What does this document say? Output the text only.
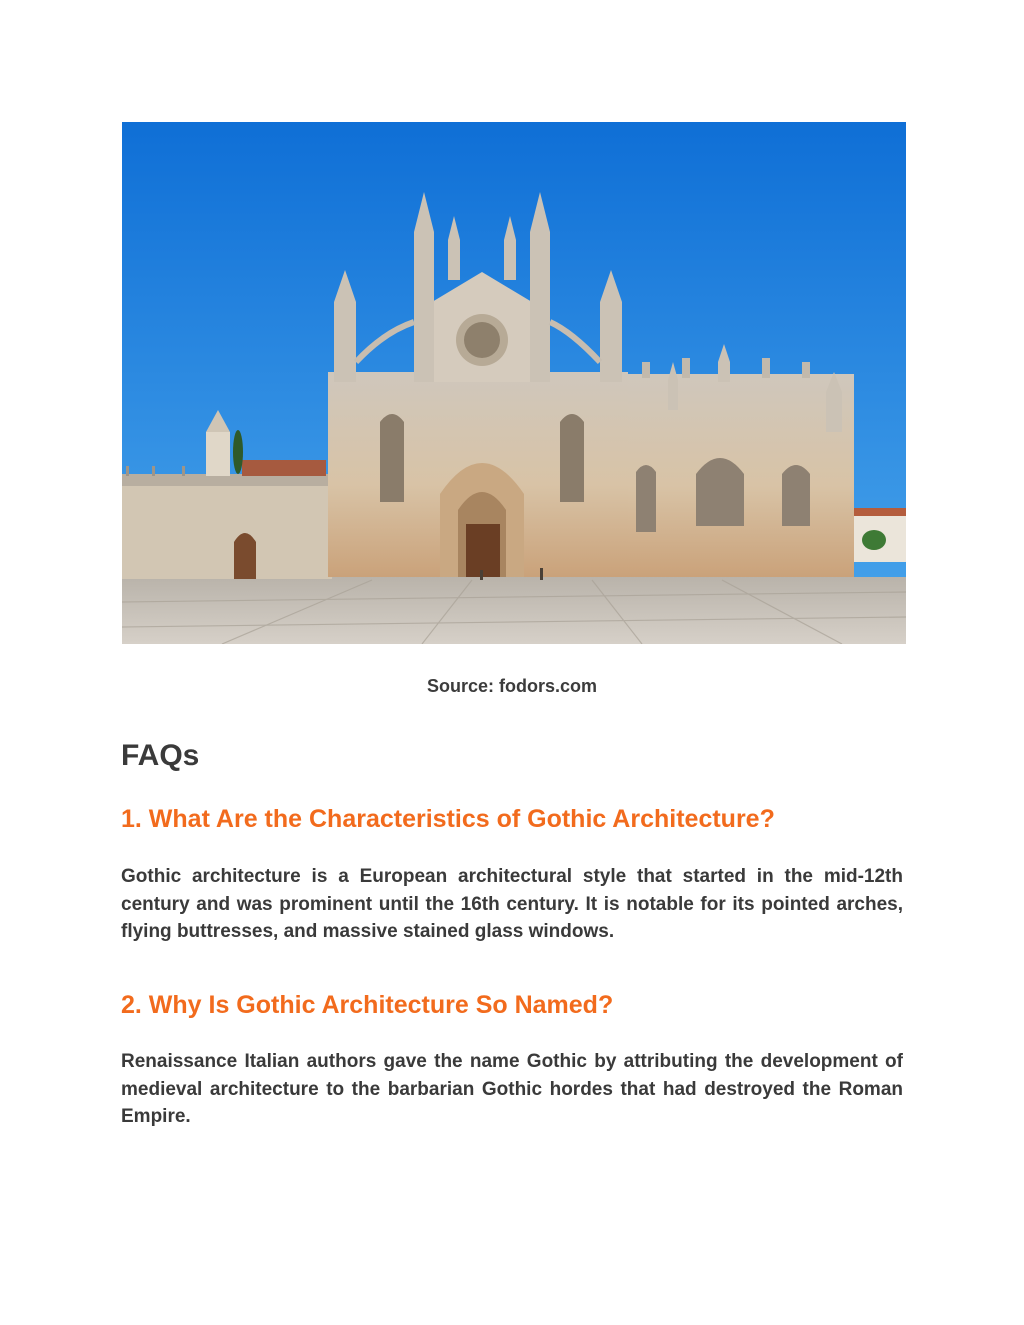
Source: fodors.com
FAQs
1. What Are the Characteristics of Gothic Architecture?

Gothic architecture is a European architectural style that started in the mid-12th century and was prominent until the 16th century. It is notable for its pointed arches, flying buttresses, and massive stained glass windows.

2. Why Is Gothic Architecture So Named?

Renaissance Italian authors gave the name Gothic by attributing the development of medieval architecture to the barbarian Gothic hordes that had destroyed the Roman Empire.
